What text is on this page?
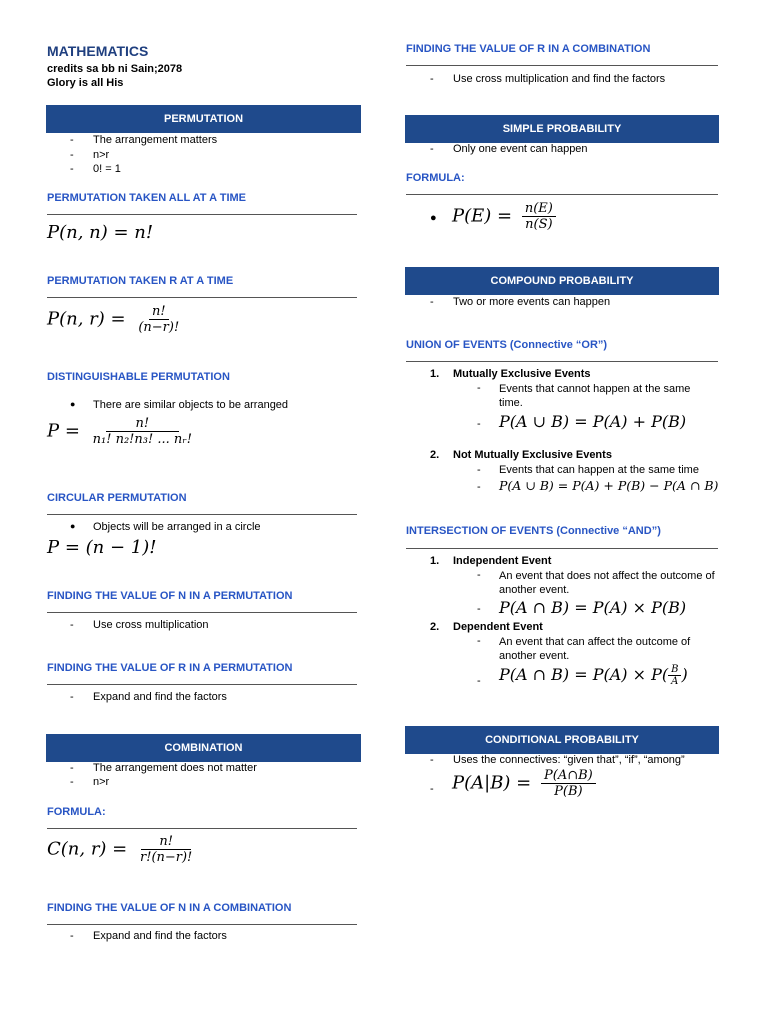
MATHEMATICS
credits sa bb ni Sain;2078
Glory is all His
PERMUTATION
- The arrangement matters
- n>r
- 0! = 1
PERMUTATION TAKEN ALL AT A TIME
P(n, n) = n!
PERMUTATION TAKEN R AT A TIME
P(n, $r) = \frac{n!}{(n-r)!}$
DISTINGUISHABLE PERMUTATION
● There are similar objects to be arranged
$P = \frac{n!}{\text{n₁! n₂!n₃! ... nᵣ!}}$
CIRCULAR PERMUTATION
● Objects will be arranged in a circle
P = (n − 1)!
FINDING THE VALUE OF N IN A PERMUTATION
- Use cross multiplication
FINDING THE VALUE OF R IN A PERMUTATION
- Expand and find the factors
COMBINATION
- The arrangement does not matter
- n>r
FORMULA:
C(n, $r) = \frac{n!}{r!(n-r)!}$
FINDING THE VALUE OF N IN A COMBINATION
- Expand and find the factors
FINDING THE VALUE OF R IN A COMBINATION
- Use cross multiplication and find the factors
SIMPLE PROBABILITY
- Only one event can happen
FORMULA:
● $P(E) = \frac{n(E)}{n(S)}$
COMPOUND PROBABILITY
- Two or more events can happen
UNION OF EVENTS (Connective “OR”)
1. Mutually Exclusive Events
- Events that cannot happen at the same time.
- P(A ∪ B) = P(A) + P(B)
2. Not Mutually Exclusive Events
- Events that can happen at the same time
- P(A ∪ B) = P(A) + P(B) − P(A ∩ B)
INTERSECTION OF EVENTS (Connective “AND”)
1. Independent Event
- An event that does not affect the outcome of another event.
- P(A ∩ B) = P(A) × P(B)
2. Dependent Event
- An event that can affect the outcome of another event.
- P(A ∩ $B) = P(A) \times P( \frac{B}{A}$ )
CONDITIONAL PROBABILITY
- Uses the connectives: “given that”, “if”, “among”
- $P(A|B) = \frac{P(A\cap B)}{P(B)}$
